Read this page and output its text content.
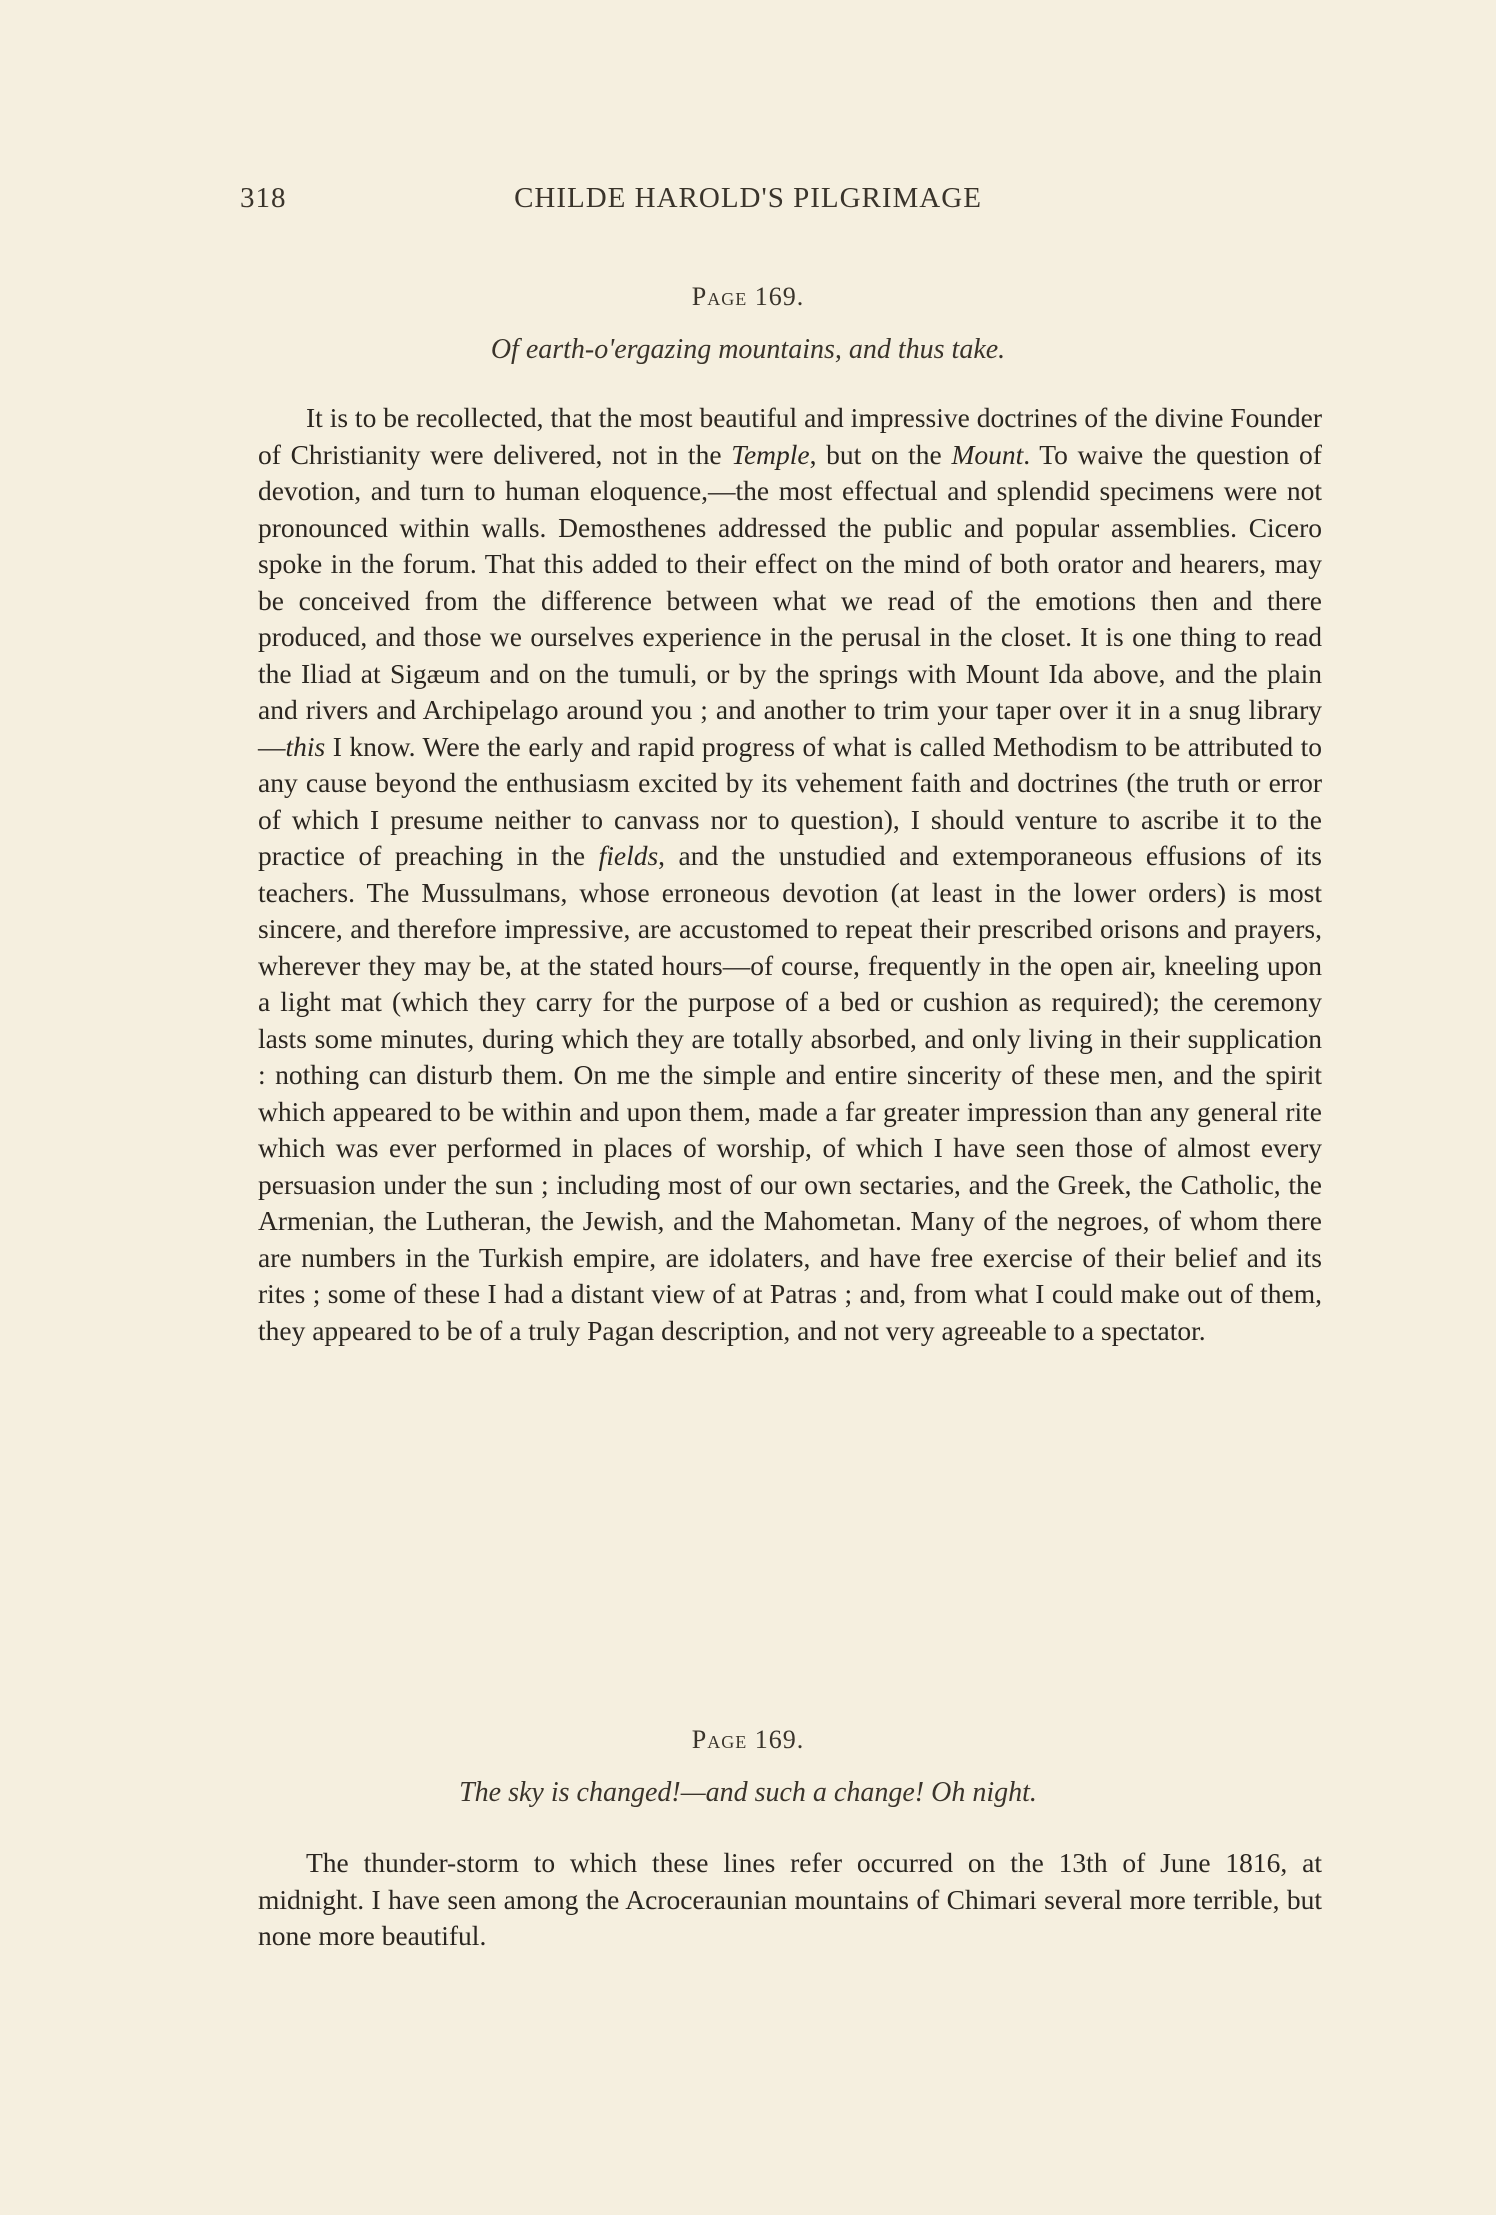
318	CHILDE HAROLD'S PILGRIMAGE
Page 169.
Of earth-o'ergazing mountains, and thus take.

It is to be recollected, that the most beautiful and impressive doctrines of the divine Founder of Christianity were delivered, not in the Temple, but on the Mount. To waive the question of devotion, and turn to human eloquence,—the most effectual and splendid specimens were not pronounced within walls. Demosthenes addressed the public and popular assemblies. Cicero spoke in the forum. That this added to their effect on the mind of both orator and hearers, may be conceived from the difference between what we read of the emotions then and there produced, and those we ourselves experience in the perusal in the closet. It is one thing to read the Iliad at Sigæum and on the tumuli, or by the springs with Mount Ida above, and the plain and rivers and Archipelago around you ; and another to trim your taper over it in a snug library—this I know. Were the early and rapid progress of what is called Methodism to be attributed to any cause beyond the enthusiasm excited by its vehement faith and doctrines (the truth or error of which I presume neither to canvass nor to question), I should venture to ascribe it to the practice of preaching in the fields, and the unstudied and extemporaneous effusions of its teachers. The Mussulmans, whose erroneous devotion (at least in the lower orders) is most sincere, and therefore impressive, are accustomed to repeat their prescribed orisons and prayers, wherever they may be, at the stated hours—of course, frequently in the open air, kneeling upon a light mat (which they carry for the purpose of a bed or cushion as required); the ceremony lasts some minutes, during which they are totally absorbed, and only living in their supplication : nothing can disturb them. On me the simple and entire sincerity of these men, and the spirit which appeared to be within and upon them, made a far greater impression than any general rite which was ever performed in places of worship, of which I have seen those of almost every persuasion under the sun ; including most of our own sectaries, and the Greek, the Catholic, the Armenian, the Lutheran, the Jewish, and the Mahometan. Many of the negroes, of whom there are numbers in the Turkish empire, are idolaters, and have free exercise of their belief and its rites ; some of these I had a distant view of at Patras ; and, from what I could make out of them, they appeared to be of a truly Pagan description, and not very agreeable to a spectator.

Page 169.
The sky is changed!—and such a change! Oh night.

The thunder-storm to which these lines refer occurred on the 13th of June 1816, at midnight. I have seen among the Acroceraunian mountains of Chimari several more terrible, but none more beautiful.
